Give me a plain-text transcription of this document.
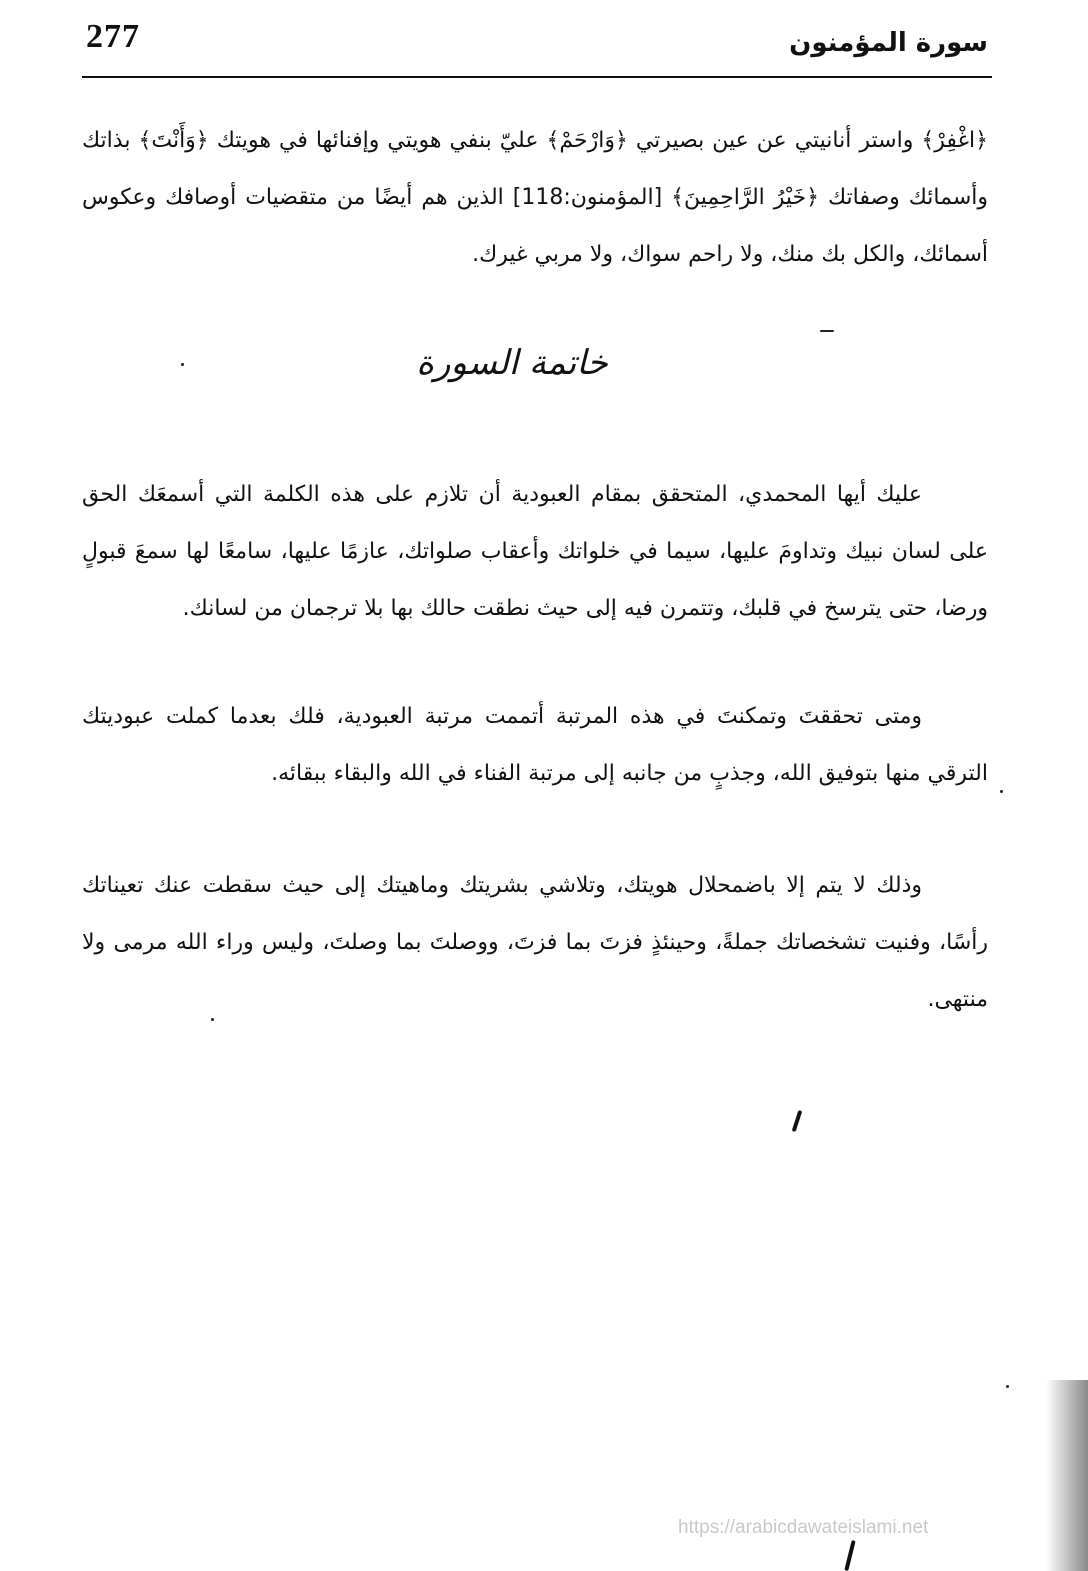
277	سورة المؤمنون

﴿اغْفِرْ﴾ واستر أنانيتي عن عين بصيرتي ﴿وَارْحَمْ﴾ عليّ بنفي هويتي وإفنائها في هويتك ﴿وَأَنْتَ﴾ بذاتك وأسمائك وصفاتك ﴿خَيْرُ الرَّاحِمِينَ﴾ [المؤمنون:118] الذين هم أيضًا من متقضيات أوصافك وعكوس أسمائك، والكل بك منك، ولا راحم سواك، ولا مربي غيرك.

خاتمة السورة

عليك أيها المحمدي، المتحقق بمقام العبودية أن تلازم على هذه الكلمة التي أسمعَك الحق على لسان نبيك وتداومَ عليها، سيما في خلواتك وأعقاب صلواتك، عازمًا عليها، سامعًا لها سمعَ قبولٍ ورضا، حتى يترسخ في قلبك، وتتمرن فيه إلى حيث نطقت حالك بها بلا ترجمان من لسانك.

ومتى تحققتَ وتمكنتَ في هذه المرتبة أتممت مرتبة العبودية، فلك بعدما كملت عبوديتك الترقي منها بتوفيق الله، وجذبٍ من جانبه إلى مرتبة الفناء في الله والبقاء ببقائه.

وذلك لا يتم إلا باضمحلال هويتك، وتلاشي بشريتك وماهيتك إلى حيث سقطت عنك تعيناتك رأسًا، وفنيت تشخصاتك جملةً، وحينئذٍ فزتَ بما فزتَ، ووصلتَ بما وصلتَ، وليس وراء الله مرمى ولا منتهى.

https://arabicdawateislami.net
